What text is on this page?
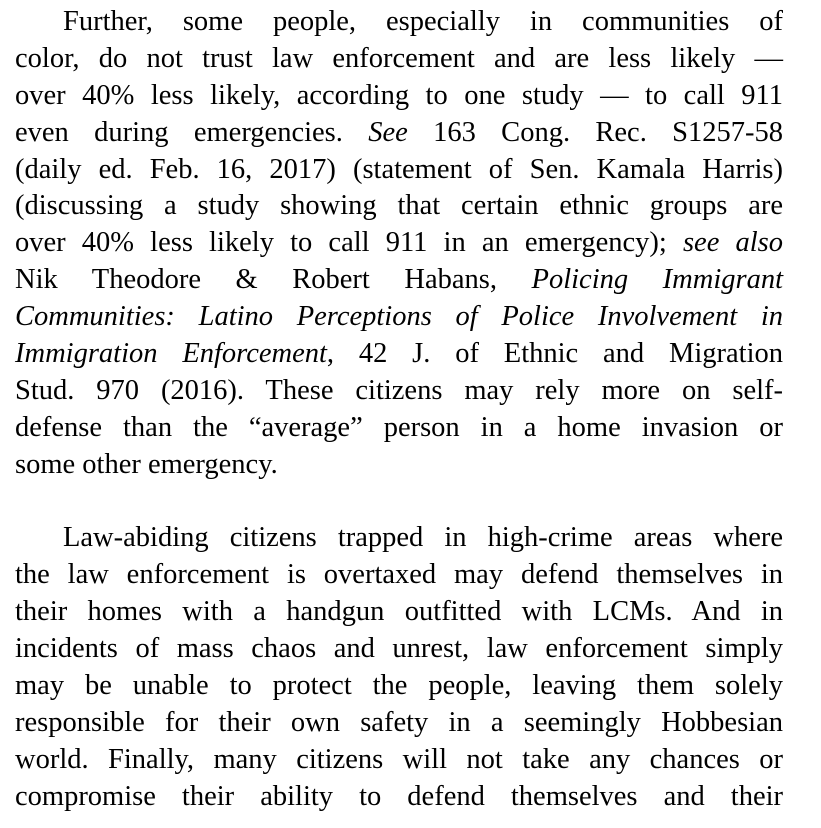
Further, some people, especially in communities of
color, do not trust law enforcement and are less likely —
over 40% less likely, according to one study — to call 911
even during emergencies. See 163 Cong. Rec. S1257-58
(daily ed. Feb. 16, 2017) (statement of Sen. Kamala Harris)
(discussing a study showing that certain ethnic groups are
over 40% less likely to call 911 in an emergency); see also
Nik Theodore & Robert Habans, Policing Immigrant
Communities: Latino Perceptions of Police Involvement in
Immigration Enforcement, 42 J. of Ethnic and Migration
Stud. 970 (2016). These citizens may rely more on self-
defense than the “average” person in a home invasion or
some other emergency.
Law-abiding citizens trapped in high-crime areas where
the law enforcement is overtaxed may defend themselves in
their homes with a handgun outfitted with LCMs. And in
incidents of mass chaos and unrest, law enforcement simply
may be unable to protect the people, leaving them solely
responsible for their own safety in a seemingly Hobbesian
world. Finally, many citizens will not take any chances or
compromise their ability to defend themselves and their
